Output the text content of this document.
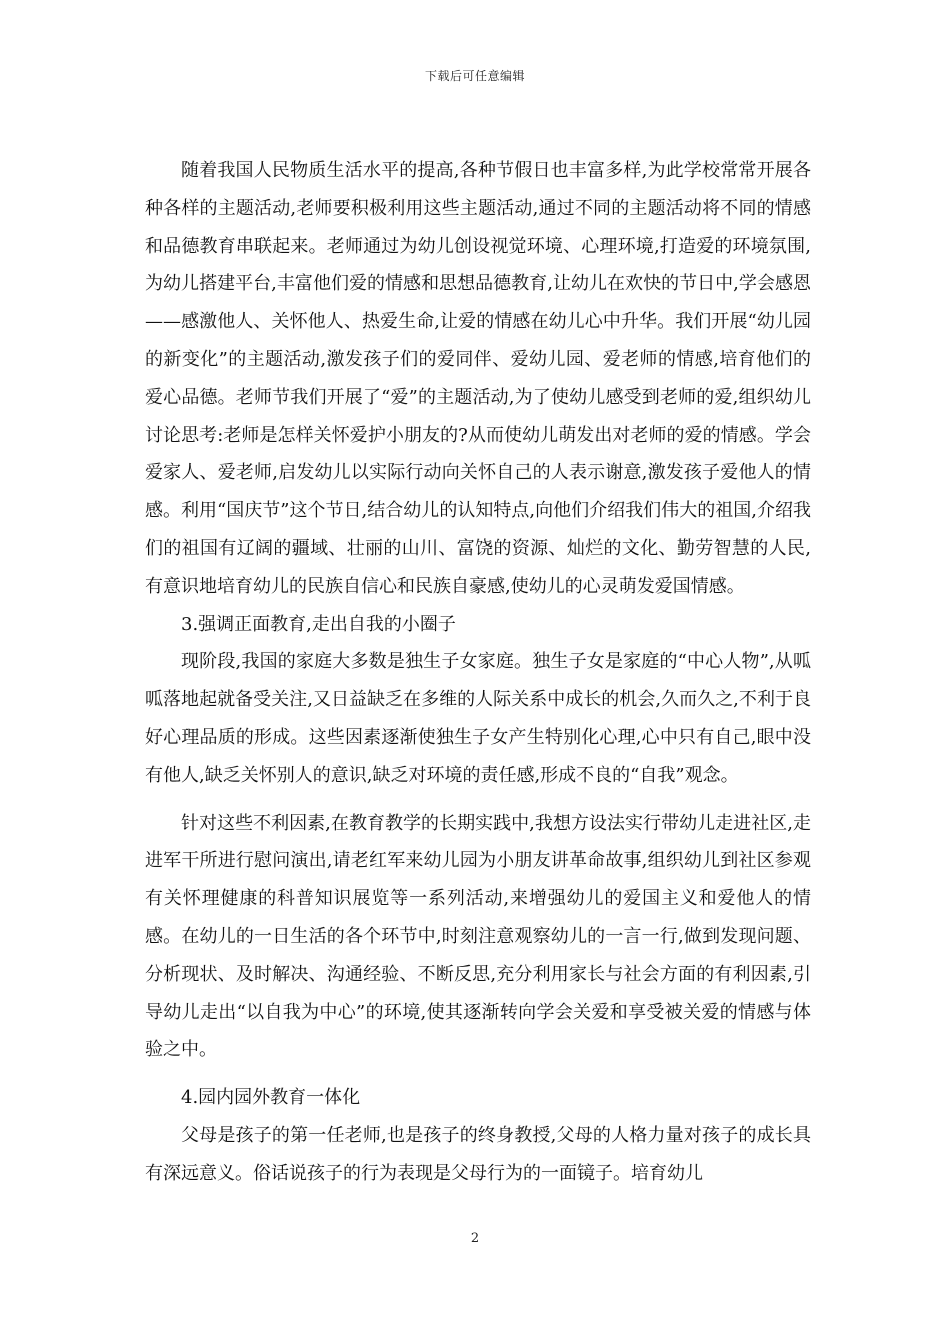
下载后可任意编辑

随着我国人民物质生活水平的提高,各种节假日也丰富多样,为此学校常常开展各种各样的主题活动,老师要积极利用这些主题活动,通过不同的主题活动将不同的情感和品德教育串联起来。老师通过为幼儿创设视觉环境、心理环境,打造爱的环境氛围,为幼儿搭建平台,丰富他们爱的情感和思想品德教育,让幼儿在欢快的节日中,学会感恩——感激他人、关怀他人、热爱生命,让爱的情感在幼儿心中升华。我们开展“幼儿园的新变化”的主题活动,激发孩子们的爱同伴、爱幼儿园、爱老师的情感,培育他们的爱心品德。老师节我们开展了“爱”的主题活动,为了使幼儿感受到老师的爱,组织幼儿讨论思考:老师是怎样关怀爱护小朋友的?从而使幼儿萌发出对老师的爱的情感。学会爱家人、爱老师,启发幼儿以实际行动向关怀自己的人表示谢意,激发孩子爱他人的情感。利用“国庆节”这个节日,结合幼儿的认知特点,向他们介绍我们伟大的祖国,介绍我们的祖国有辽阔的疆域、壮丽的山川、富饶的资源、灿烂的文化、勤劳智慧的人民,有意识地培育幼儿的民族自信心和民族自豪感,使幼儿的心灵萌发爱国情感。

3.强调正面教育,走出自我的小圈子

现阶段,我国的家庭大多数是独生子女家庭。独生子女是家庭的“中心人物”,从呱呱落地起就备受关注,又日益缺乏在多维的人际关系中成长的机会,久而久之,不利于良好心理品质的形成。这些因素逐渐使独生子女产生特别化心理,心中只有自己,眼中没有他人,缺乏关怀别人的意识,缺乏对环境的责任感,形成不良的“自我”观念。

针对这些不利因素,在教育教学的长期实践中,我想方设法实行带幼儿走进社区,走进军干所进行慰问演出,请老红军来幼儿园为小朋友讲革命故事,组织幼儿到社区参观有关怀理健康的科普知识展览等一系列活动,来增强幼儿的爱国主义和爱他人的情感。在幼儿的一日生活的各个环节中,时刻注意观察幼儿的一言一行,做到发现问题、分析现状、及时解决、沟通经验、不断反思,充分利用家长与社会方面的有利因素,引导幼儿走出“以自我为中心”的环境,使其逐渐转向学会关爱和享受被关爱的情感与体验之中。

4.园内园外教育一体化

父母是孩子的第一任老师,也是孩子的终身教授,父母的人格力量对孩子的成长具有深远意义。俗话说孩子的行为表现是父母行为的一面镜子。培育幼儿

2
